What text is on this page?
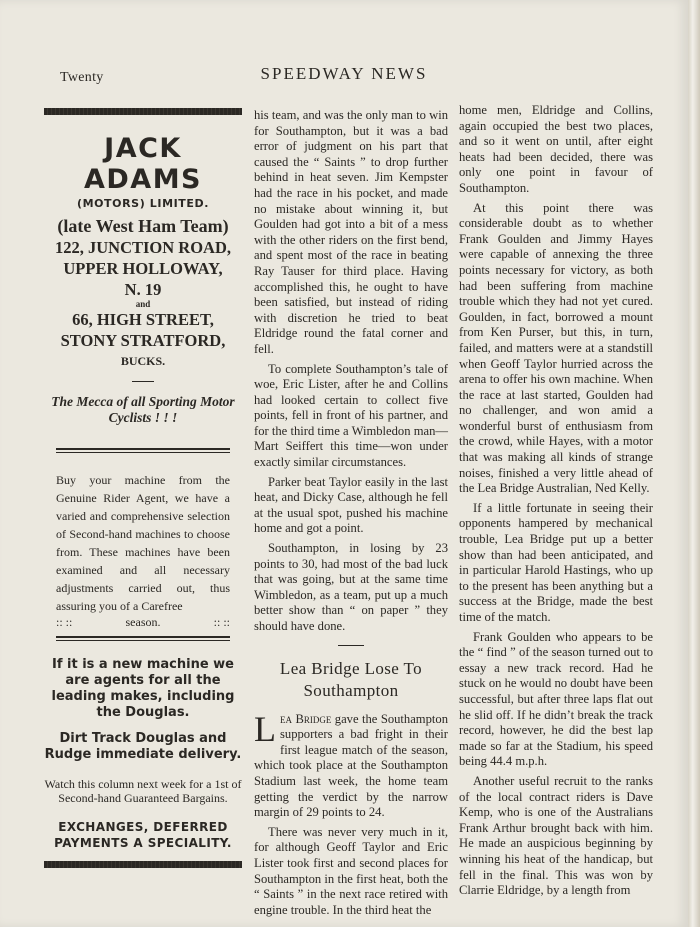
Twenty	SPEEDWAY NEWS
JACK ADAMS
(MOTORS) LIMITED.
(late West Ham Team)
122, JUNCTION ROAD,
UPPER HOLLOWAY,
N. 19
and
66, HIGH STREET,
STONY STRATFORD,
BUCKS.
The Mecca of all Sporting Motor Cyclists ! ! !
Buy your machine from the Genuine Rider Agent, we have a varied and comprehensive selection of Second-hand machines to choose from. These machines have been examined and all necessary adjustments carried out, thus assuring you of a Carefree
:: ::	season.	:: ::
If it is a new machine we are agents for all the leading makes, including the Douglas.
Dirt Track Douglas and Rudge immediate delivery.
Watch this column next week for a 1st of Second-hand Guaranteed Bargains.
EXCHANGES, DEFERRED PAYMENTS A SPECIALITY.

his team, and was the only man to win for Southampton, but it was a bad error of judgment on his part that caused the “ Saints ” to drop further behind in heat seven. Jim Kempster had the race in his pocket, and made no mistake about winning it, but Goulden had got into a bit of a mess with the other riders on the first bend, and spent most of the race in beating Ray Tauser for third place. Having accomplished this, he ought to have been satisfied, but instead of riding with discretion he tried to beat Eldridge round the fatal corner and fell.

To complete Southampton’s tale of woe, Eric Lister, after he and Collins had looked certain to collect five points, fell in front of his partner, and for the third time a Wimbledon man—Mart Seiffert this time—won under exactly similar circumstances.

Parker beat Taylor easily in the last heat, and Dicky Case, although he fell at the usual spot, pushed his machine home and got a point.

Southampton, in losing by 23 points to 30, had most of the bad luck that was going, but at the same time Wimbledon, as a team, put up a much better show than “ on paper ” they should have done.

Lea Bridge Lose To Southampton

Lea Bridge gave the Southampton supporters a bad fright in their first league match of the season, which took place at the Southampton Stadium last week, the home team getting the verdict by the narrow margin of 29 points to 24.

There was never very much in it, for although Geoff Taylor and Eric Lister took first and second places for Southampton in the first heat, both the “ Saints ” in the next race retired with engine trouble. In the third heat the

home men, Eldridge and Collins, again occupied the best two places, and so it went on until, after eight heats had been decided, there was only one point in favour of Southampton.

At this point there was considerable doubt as to whether Frank Goulden and Jimmy Hayes were capable of annexing the three points necessary for victory, as both had been suffering from machine trouble which they had not yet cured. Goulden, in fact, borrowed a mount from Ken Purser, but this, in turn, failed, and matters were at a standstill when Geoff Taylor hurried across the arena to offer his own machine. When the race at last started, Goulden had no challenger, and won amid a wonderful burst of enthusiasm from the crowd, while Hayes, with a motor that was making all kinds of strange noises, finished a very little ahead of the Lea Bridge Australian, Ned Kelly.

If a little fortunate in seeing their opponents hampered by mechanical trouble, Lea Bridge put up a better show than had been anticipated, and in particular Harold Hastings, who up to the present has been anything but a success at the Bridge, made the best time of the match.

Frank Goulden who appears to be the “ find ” of the season turned out to essay a new track record. Had he stuck on he would no doubt have been successful, but after three laps flat out he slid off. If he didn’t break the track record, however, he did the best lap made so far at the Stadium, his speed being 44.4 m.p.h.

Another useful recruit to the ranks of the local contract riders is Dave Kemp, who is one of the Australians Frank Arthur brought back with him. He made an auspicious beginning by winning his heat of the handicap, but fell in the final. This was won by Clarrie Eldridge, by a length from
